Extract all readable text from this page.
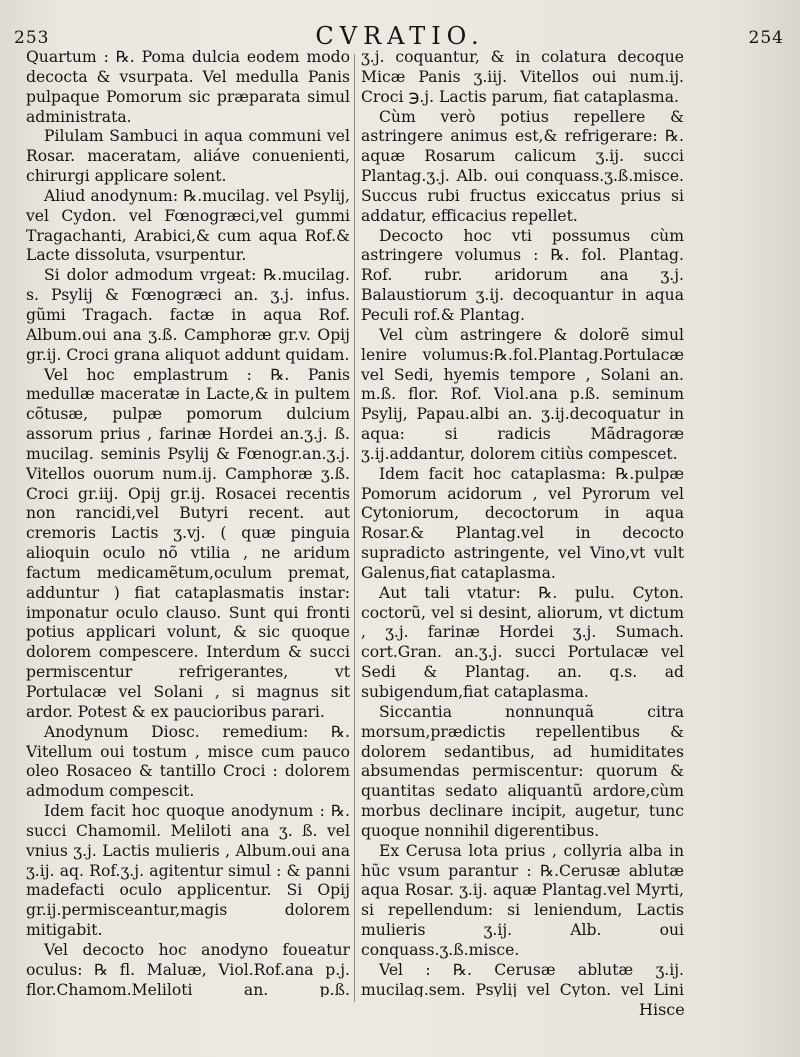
253	CVRATIO.	254

Quartum : ℞. Poma dulcia eodem modo decocta & vsurpata. Vel medulla Panis pulpaque Pomorum sic præparata simul administrata.

Pilulam Sambuci in aqua communi vel Rosar. maceratam, aliáve conuenienti, chirurgi applicare solent.

Aliud anodynum: ℞.mucilag. vel Psylij, vel Cydon. vel Fœnogræci,vel gummi Tragachanti, Arabici,& cum aqua Rof.& Lacte dissoluta, vsurpentur.

Si dolor admodum vrgeat: ℞.mucilag. s. Psylij & Fœnogræci an. ʒ.j. infus. gũmi Tragach. factæ in aqua Rof. Album.oui ana ʒ.ß. Camphoræ gr.v. Opij gr.ij. Croci grana aliquot addunt quidam.

Vel hoc emplastrum : ℞. Panis medullæ maceratæ in Lacte,& in pultem cõtusæ, pulpæ pomorum dulcium assorum prius , farinæ Hordei an.ʒ.j. ß. mucilag. seminis Psylij & Fœnogr.an.ʒ.j. Vitellos ouorum num.ij. Camphoræ ʒ.ß. Croci gr.iij. Opij gr.ij. Rosacei recentis non rancidi,vel Butyri recent. aut cremoris Lactis ʒ.vj. ( quæ pinguia alioquin oculo nõ vtilia , ne aridum factum medicamẽtum,oculum premat, adduntur ) fiat cataplasmatis instar: imponatur oculo clauso. Sunt qui fronti potius applicari volunt, & sic quoque dolorem compescere. Interdum & succi permiscentur refrigerantes, vt Portulacæ vel Solani , si magnus sit ardor. Potest & ex paucioribus parari.

Anodynum Diosc. remedium: ℞. Vitellum oui tostum , misce cum pauco oleo Rosaceo & tantillo Croci : dolorem admodum compescit.

Idem facit hoc quoque anodynum : ℞. succi Chamomil. Meliloti ana ʒ. ß. vel vnius ʒ.j. Lactis mulieris , Album.oui ana ʒ.ij. aq. Rof.ʒ.j. agitentur simul : & panni madefacti oculo applicentur. Si Opij gr.ij.permisceantur,magis dolorem mitigabit.

Vel decocto hoc anodyno foueatur oculus: ℞ fl. Maluæ, Viol.Rof.ana p.j. flor.Chamom.Meliloti an. p.ß.

ʒ.j. coquantur, & in colatura decoque Micæ Panis ʒ.iij. Vitellos oui num.ij. Croci ℈.j. Lactis parum, fiat cataplasma.

Cùm verò potius repellere & astringere animus est,& refrigerare: ℞. aquæ Rosarum calicum ʒ.ij. succi Plantag.ʒ.j. Alb. oui conquass.ʒ.ß.misce. Succus rubi fructus exiccatus prius si addatur, efficacius repellet.

Decocto hoc vti possumus cùm astringere volumus : ℞. fol. Plantag. Rof. rubr. aridorum ana ʒ.j. Balaustiorum ʒ.ij. decoquantur in aqua Peculi rof.& Plantag.

Vel cùm astringere & dolorẽ simul lenire volumus:℞.fol.Plantag.Portulacæ vel Sedi, hyemis tempore , Solani an. m.ß. flor. Rof. Viol.ana p.ß. seminum Psylij, Papau.albi an. ʒ.ij.decoquatur in aqua: si radicis Mãdragoræ ʒ.ij.addantur, dolorem citiùs compescet.

Idem facit hoc cataplasma: ℞.pulpæ Pomorum acidorum , vel Pyrorum vel Cytoniorum, decoctorum in aqua Rosar.& Plantag.vel in decocto supradicto astringente, vel Vino,vt vult Galenus,fiat cataplasma.

Aut tali vtatur: ℞. pulu. Cyton. coctorũ, vel si desint, aliorum, vt dictum , ʒ.j. farinæ Hordei ʒ.j. Sumach. cort.Gran. an.ʒ.j. succi Portulacæ vel Sedi & Plantag. an. q.s. ad subigendum,fiat cataplasma.

Siccantia nonnunquã citra morsum,prædictis repellentibus & dolorem sedantibus, ad humiditates absumendas permiscentur: quorum & quantitas sedato aliquantũ ardore,cùm morbus declinare incipit, augetur, tunc quoque nonnihil digerentibus.

Ex Cerusa lota prius , collyria alba in hũc vsum parantur : ℞.Cerusæ ablutæ aqua Rosar. ʒ.ij. aquæ Plantag.vel Myrti, si repellendum: si leniendum, Lactis mulieris ʒ.ij. Alb. oui conquass.ʒ.ß.misce.

Vel : ℞. Cerusæ ablutæ ʒ.ij. mucilag.sem. Psylij vel Cyton. vel Lini

Hisce
